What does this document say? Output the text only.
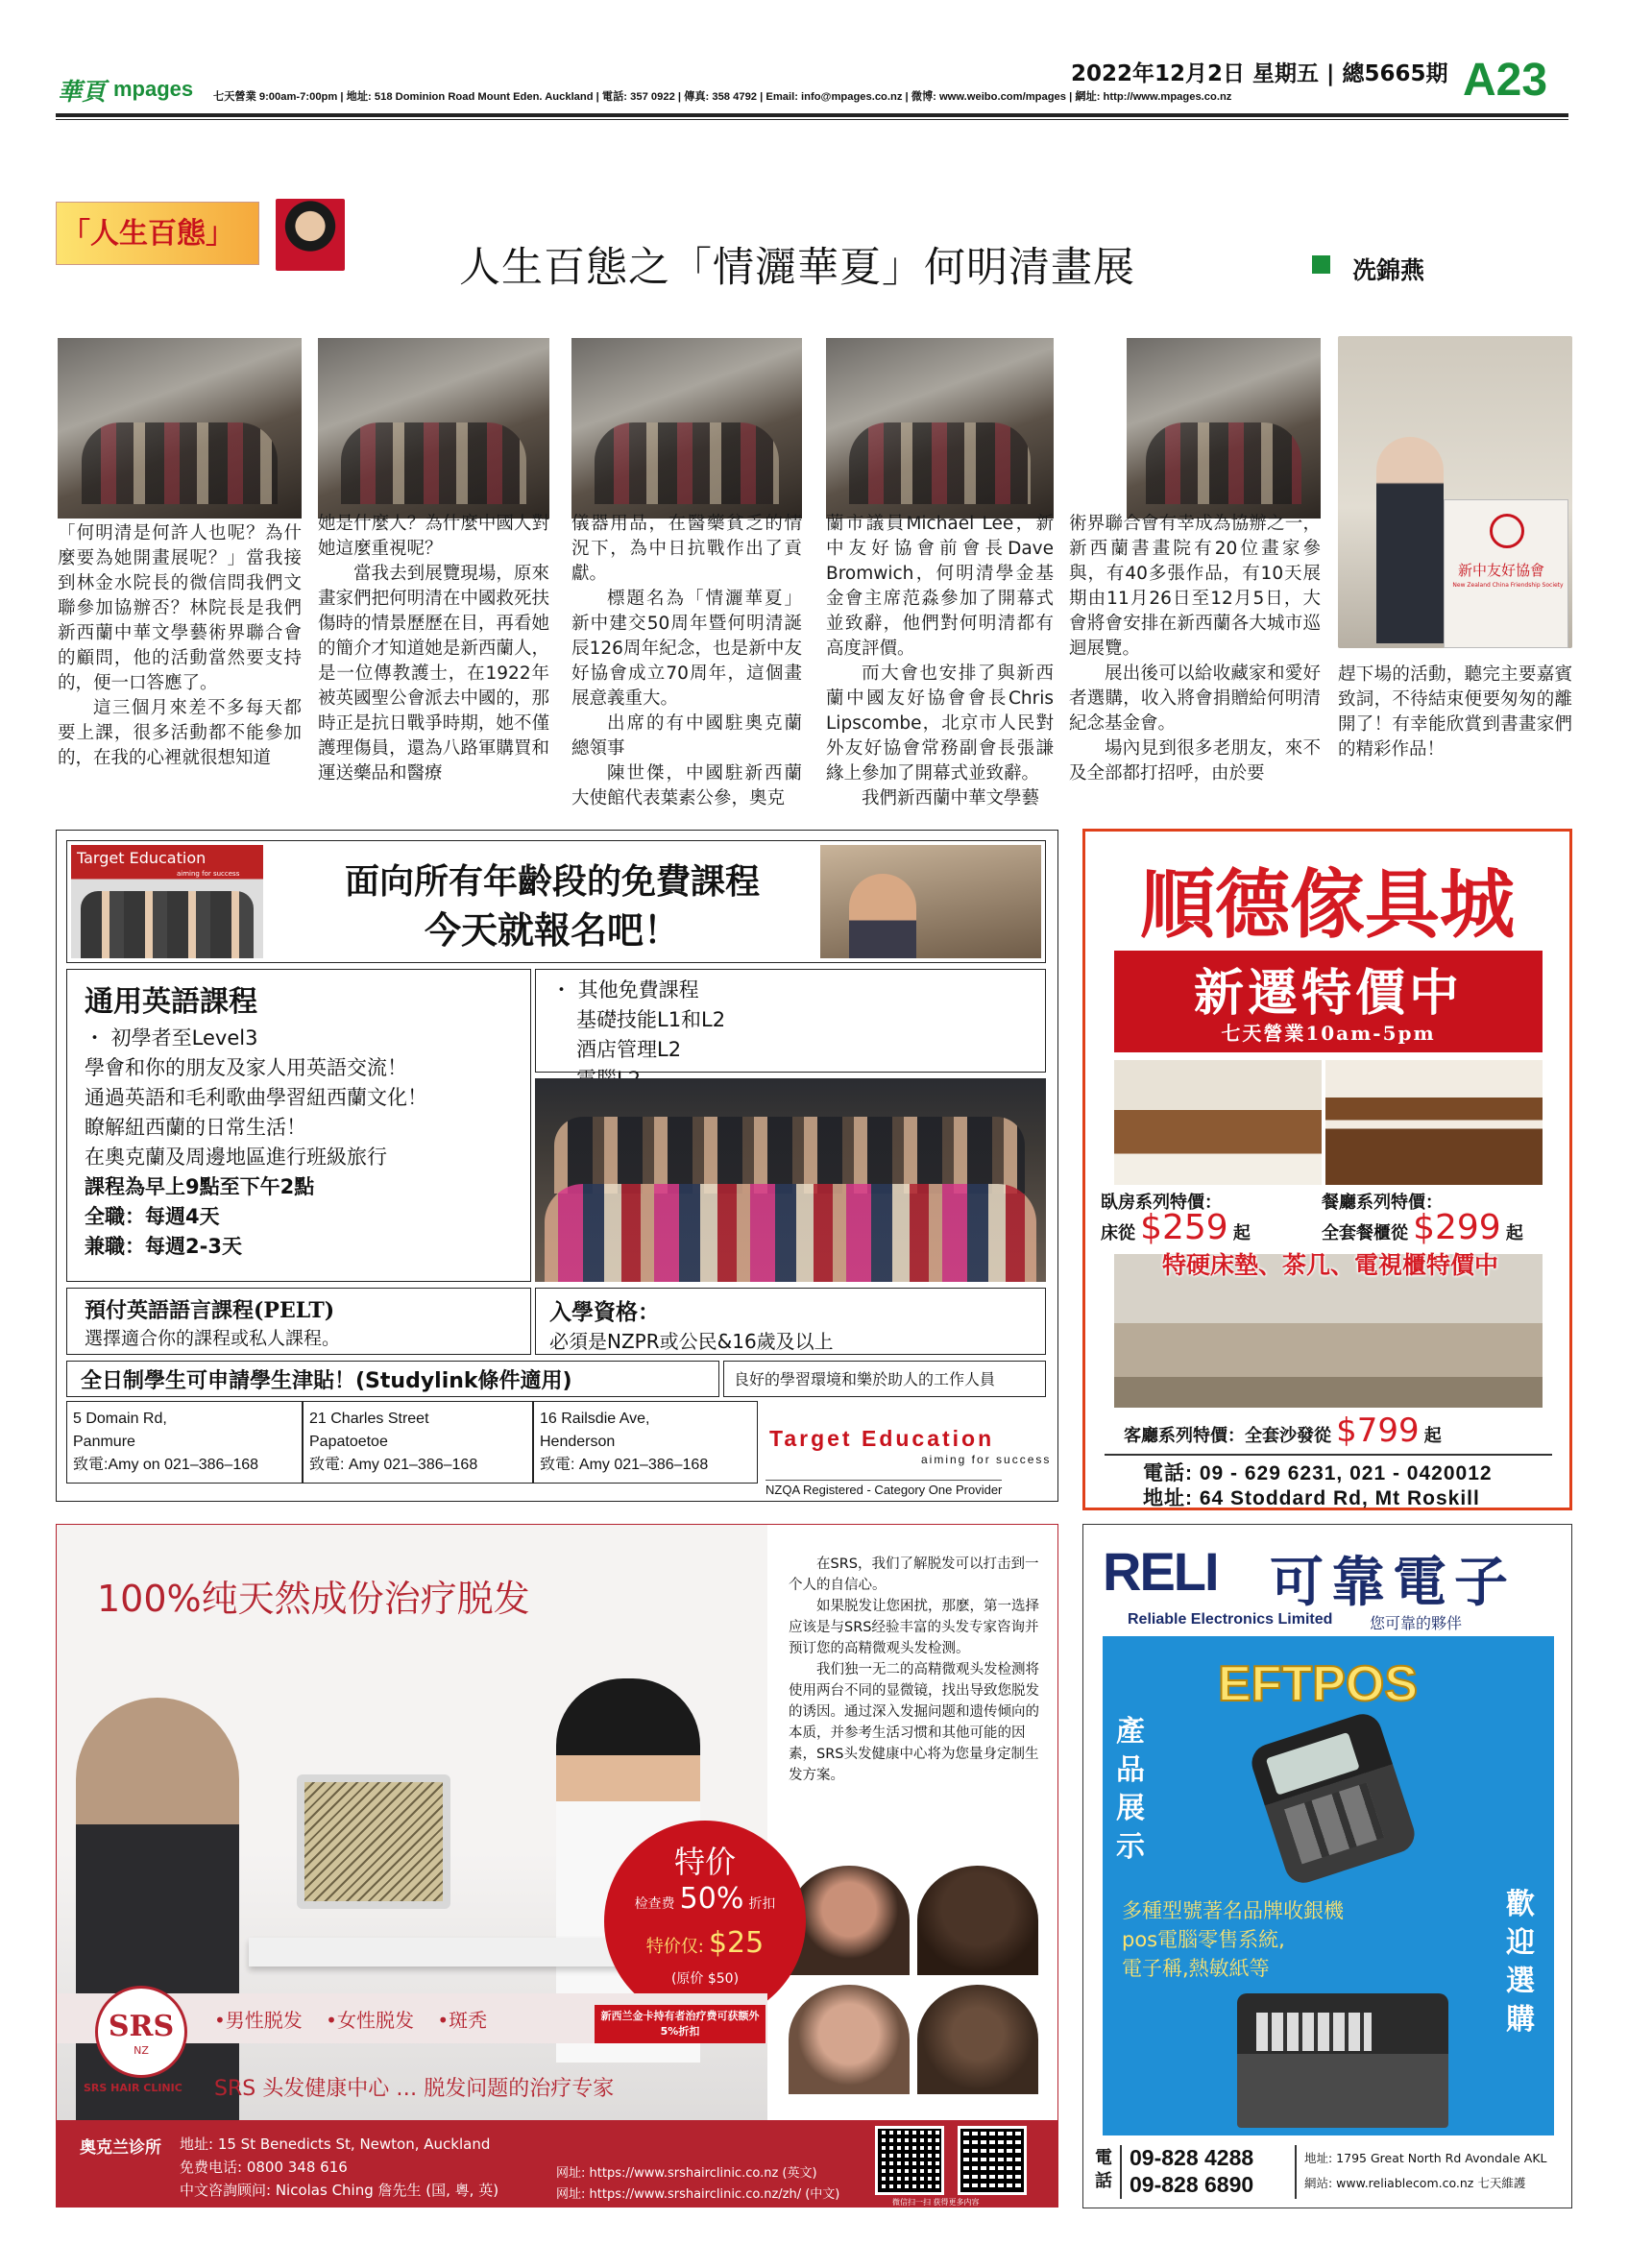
華頁 mpages 七天營業 9:00am-7:00pm | 地址: 518 Dominion Road Mount Eden. Auckland | 電話: 357 0922 | 傳真: 358 4792 | Email: info@mpages.co.nz | 微博: www.weibo.com/mpages | 網址: http://www.mpages.co.nz
2022年12月2日 星期五 | 總5665期 A23
「人生百態」
人生百態之「情灑華夏」何明清畫展	冼錦燕
新中友好協會
New Zealand China Friendship Society

「何明清是何許人也呢？為什麼要為她開畫展呢？」當我接到林金水院長的微信問我們文聯參加協辦否？林院長是我們新西蘭中華文學藝術界聯合會的顧問，他的活動當然要支持的，便一口答應了。

這三個月來差不多每天都要上課，很多活動都不能參加的，在我的心裡就很想知道

她是什麼人？為什麼中國人對她這麼重視呢？

當我去到展覽現場，原來畫家們把何明清在中國救死扶傷時的情景歷歷在目，再看她的簡介才知道她是新西蘭人，是一位傳教護士，在1922年被英國聖公會派去中國的，那時正是抗日戰爭時期，她不僅護理傷員，還為八路軍購買和運送藥品和醫療

儀器用品，在醫藥貧乏的情況下，為中日抗戰作出了貢獻。

標題名為「情灑華夏」新中建交50周年暨何明清誕辰126周年紀念，也是新中友好協會成立70周年，這個畫展意義重大。

出席的有中國駐奧克蘭總領事

陳世傑，中國駐新西蘭大使館代表葉素公參，奧克

蘭市議員Michael Lee，新中友好協會前會長Dave Bromwich，何明清學金基金會主席范淼參加了開幕式並致辭，他們對何明清都有高度評價。

而大會也安排了與新西蘭中國友好協會會長Chris Lipscombe，北京市人民對外友好協會常務副會長張謙緣上參加了開幕式並致辭。

我們新西蘭中華文學藝

術界聯合會有幸成為協辦之一，新西蘭書畫院有20位畫家參與，有40多張作品，有10天展期由11月26日至12月5日，大會將會安排在新西蘭各大城市巡迴展覽。

展出後可以給收藏家和愛好者選購，收入將會捐贈給何明清紀念基金會。

場內見到很多老朋友，來不及全部都打招呼，由於要

趕下場的活動，聽完主要嘉賓致詞，不待結束便要匆匆的離開了！有幸能欣賞到書畫家們的精彩作品！

Target Education
aiming for success	面向所有年齡段的免費課程
今天就報名吧！
通用英語課程
・ 初學者至Level3
學會和你的朋友及家人用英語交流！
通過英語和毛利歌曲學習紐西蘭文化！
瞭解紐西蘭的日常生活！
在奧克蘭及周邊地區進行班級旅行
課程為早上9點至下午2點
全職：每週4天
兼職：每週2-3天
・ 其他免費課程
基礎技能L1和L2
酒店管理L2
預付英語語言課程(PELT)
選擇適合你的課程或私人課程。
入學資格：
必須是NZPR或公民&16歲及以上
全日制學生可申請學生津貼！(Studylink條件適用)	良好的學習環境和樂於助人的工作人員
5 Domain Rd,
Panmure
致電:Amy on 021–386–168
21 Charles Street
Papatoetoe
致電: Amy 021–386–168
16 Railsdie Ave,
Henderson
致電: Amy 021–386–168
Target Education
aiming for success
NZQA Registered - Category One Provider
順德傢具城
新遷特價中
七天營業10am-5pm
臥房系列特價：
床從 $259 起
餐廳系列特價：
全套餐櫃從 $299 起
特硬床墊、茶几、電視櫃特價中
客廳系列特價：全套沙發從 $799 起
電話: 09 - 629 6231, 021 - 0420012
地址: 64 Stoddard Rd, Mt Roskill
100%纯天然成份治疗脱发

在SRS，我们了解脱发可以打击到一个人的自信心。

如果脱发让您困扰，那麽，第一选择应该是与SRS经验丰富的头发专家咨询并预订您的高精微观头发检测。

我们独一无二的高精微观头发检测将使用两台不同的显微镜，找出导致您脱发的诱因。通过深入发掘问题和遗传倾向的本质，并参考生活习惯和其他可能的因素，SRS头发健康中心将为您量身定制生发方案。

特价
检查费 50% 折扣
特价仅: $25
(原价 $50)
SRS
NZ
SRS HAIR CLINIC
•男性脱发 •女性脱发 •斑秃	新西兰金卡持有者治疗费可获额外5%折扣
SRS 头发健康中心 … 脱发问题的治疗专家
奥克兰诊所 地址: 15 St Benedicts St, Newton, Auckland
免费电话: 0800 348 616
中文咨詢顾问: Nicolas Ching 詹先生 (国, 粵, 英)
网址: https://www.srshairclinic.co.nz (英文)
网址: https://www.srshairclinic.co.nz/zh/ (中文)
微信扫一扫 获得更多内容
RELI 可靠電子
Reliable Electronics Limited 您可靠的夥伴
EFTPOS
產品展示
多種型號著名品牌收銀機
pos電腦零售系統,
電子稱,熱敏紙等
歡迎選購
電話
09-828 4288
09-828 6890
地址: 1795 Great North Rd Avondale AKL
網站: www.reliablecom.co.nz 七天維護
